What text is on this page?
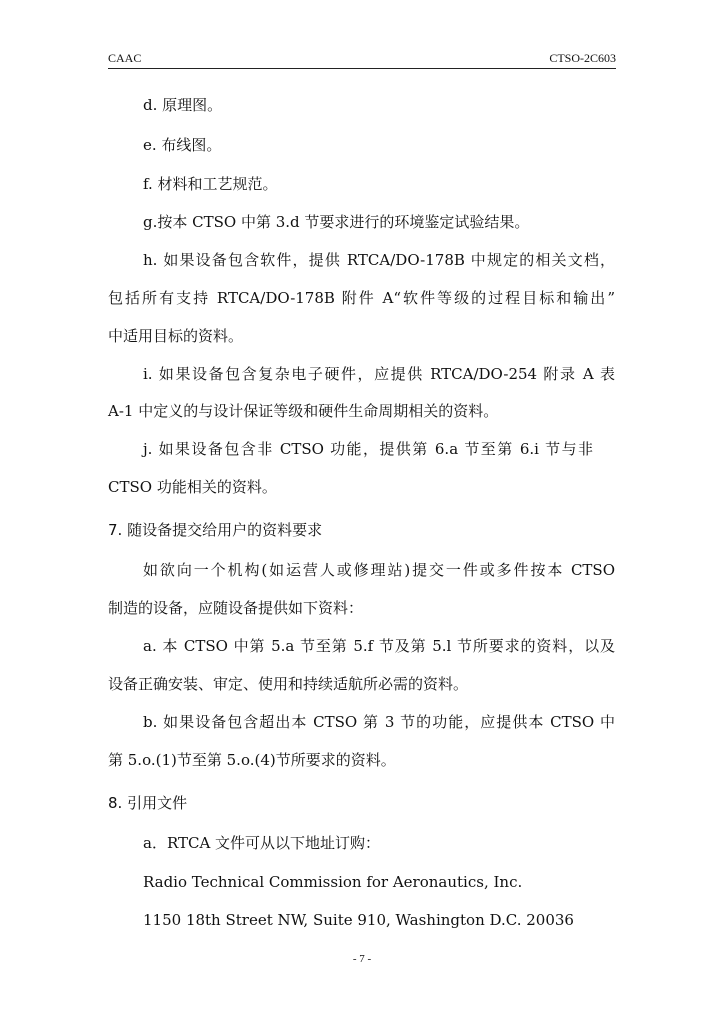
CAAC	CTSO-2C603
d. 原理图。
e. 布线图。
f. 材料和工艺规范。
g.按本 CTSO 中第 3.d 节要求进行的环境鉴定试验结果。
h. 如果设备包含软件，提供 RTCA/DO-178B 中规定的相关文档，
包括所有支持 RTCA/DO-178B 附件 A“软件等级的过程目标和输出”
中适用目标的资料。
i. 如果设备包含复杂电子硬件，应提供 RTCA/DO-254 附录 A 表
A-1 中定义的与设计保证等级和硬件生命周期相关的资料。
j. 如果设备包含非 CTSO 功能，提供第 6.a 节至第 6.i 节与非
CTSO 功能相关的资料。
7. 随设备提交给用户的资料要求
如欲向一个机构(如运营人或修理站)提交一件或多件按本 CTSO
制造的设备，应随设备提供如下资料：
a. 本 CTSO 中第 5.a 节至第 5.f 节及第 5.l 节所要求的资料，以及
设备正确安装、审定、使用和持续适航所必需的资料。
b. 如果设备包含超出本 CTSO 第 3 节的功能，应提供本 CTSO 中
第 5.o.(1)节至第 5.o.(4)节所要求的资料。
8. 引用文件
a．RTCA 文件可从以下地址订购：
Radio Technical Commission for Aeronautics, Inc.
1150 18th Street NW, Suite 910, Washington D.C. 20036
- 7 -
